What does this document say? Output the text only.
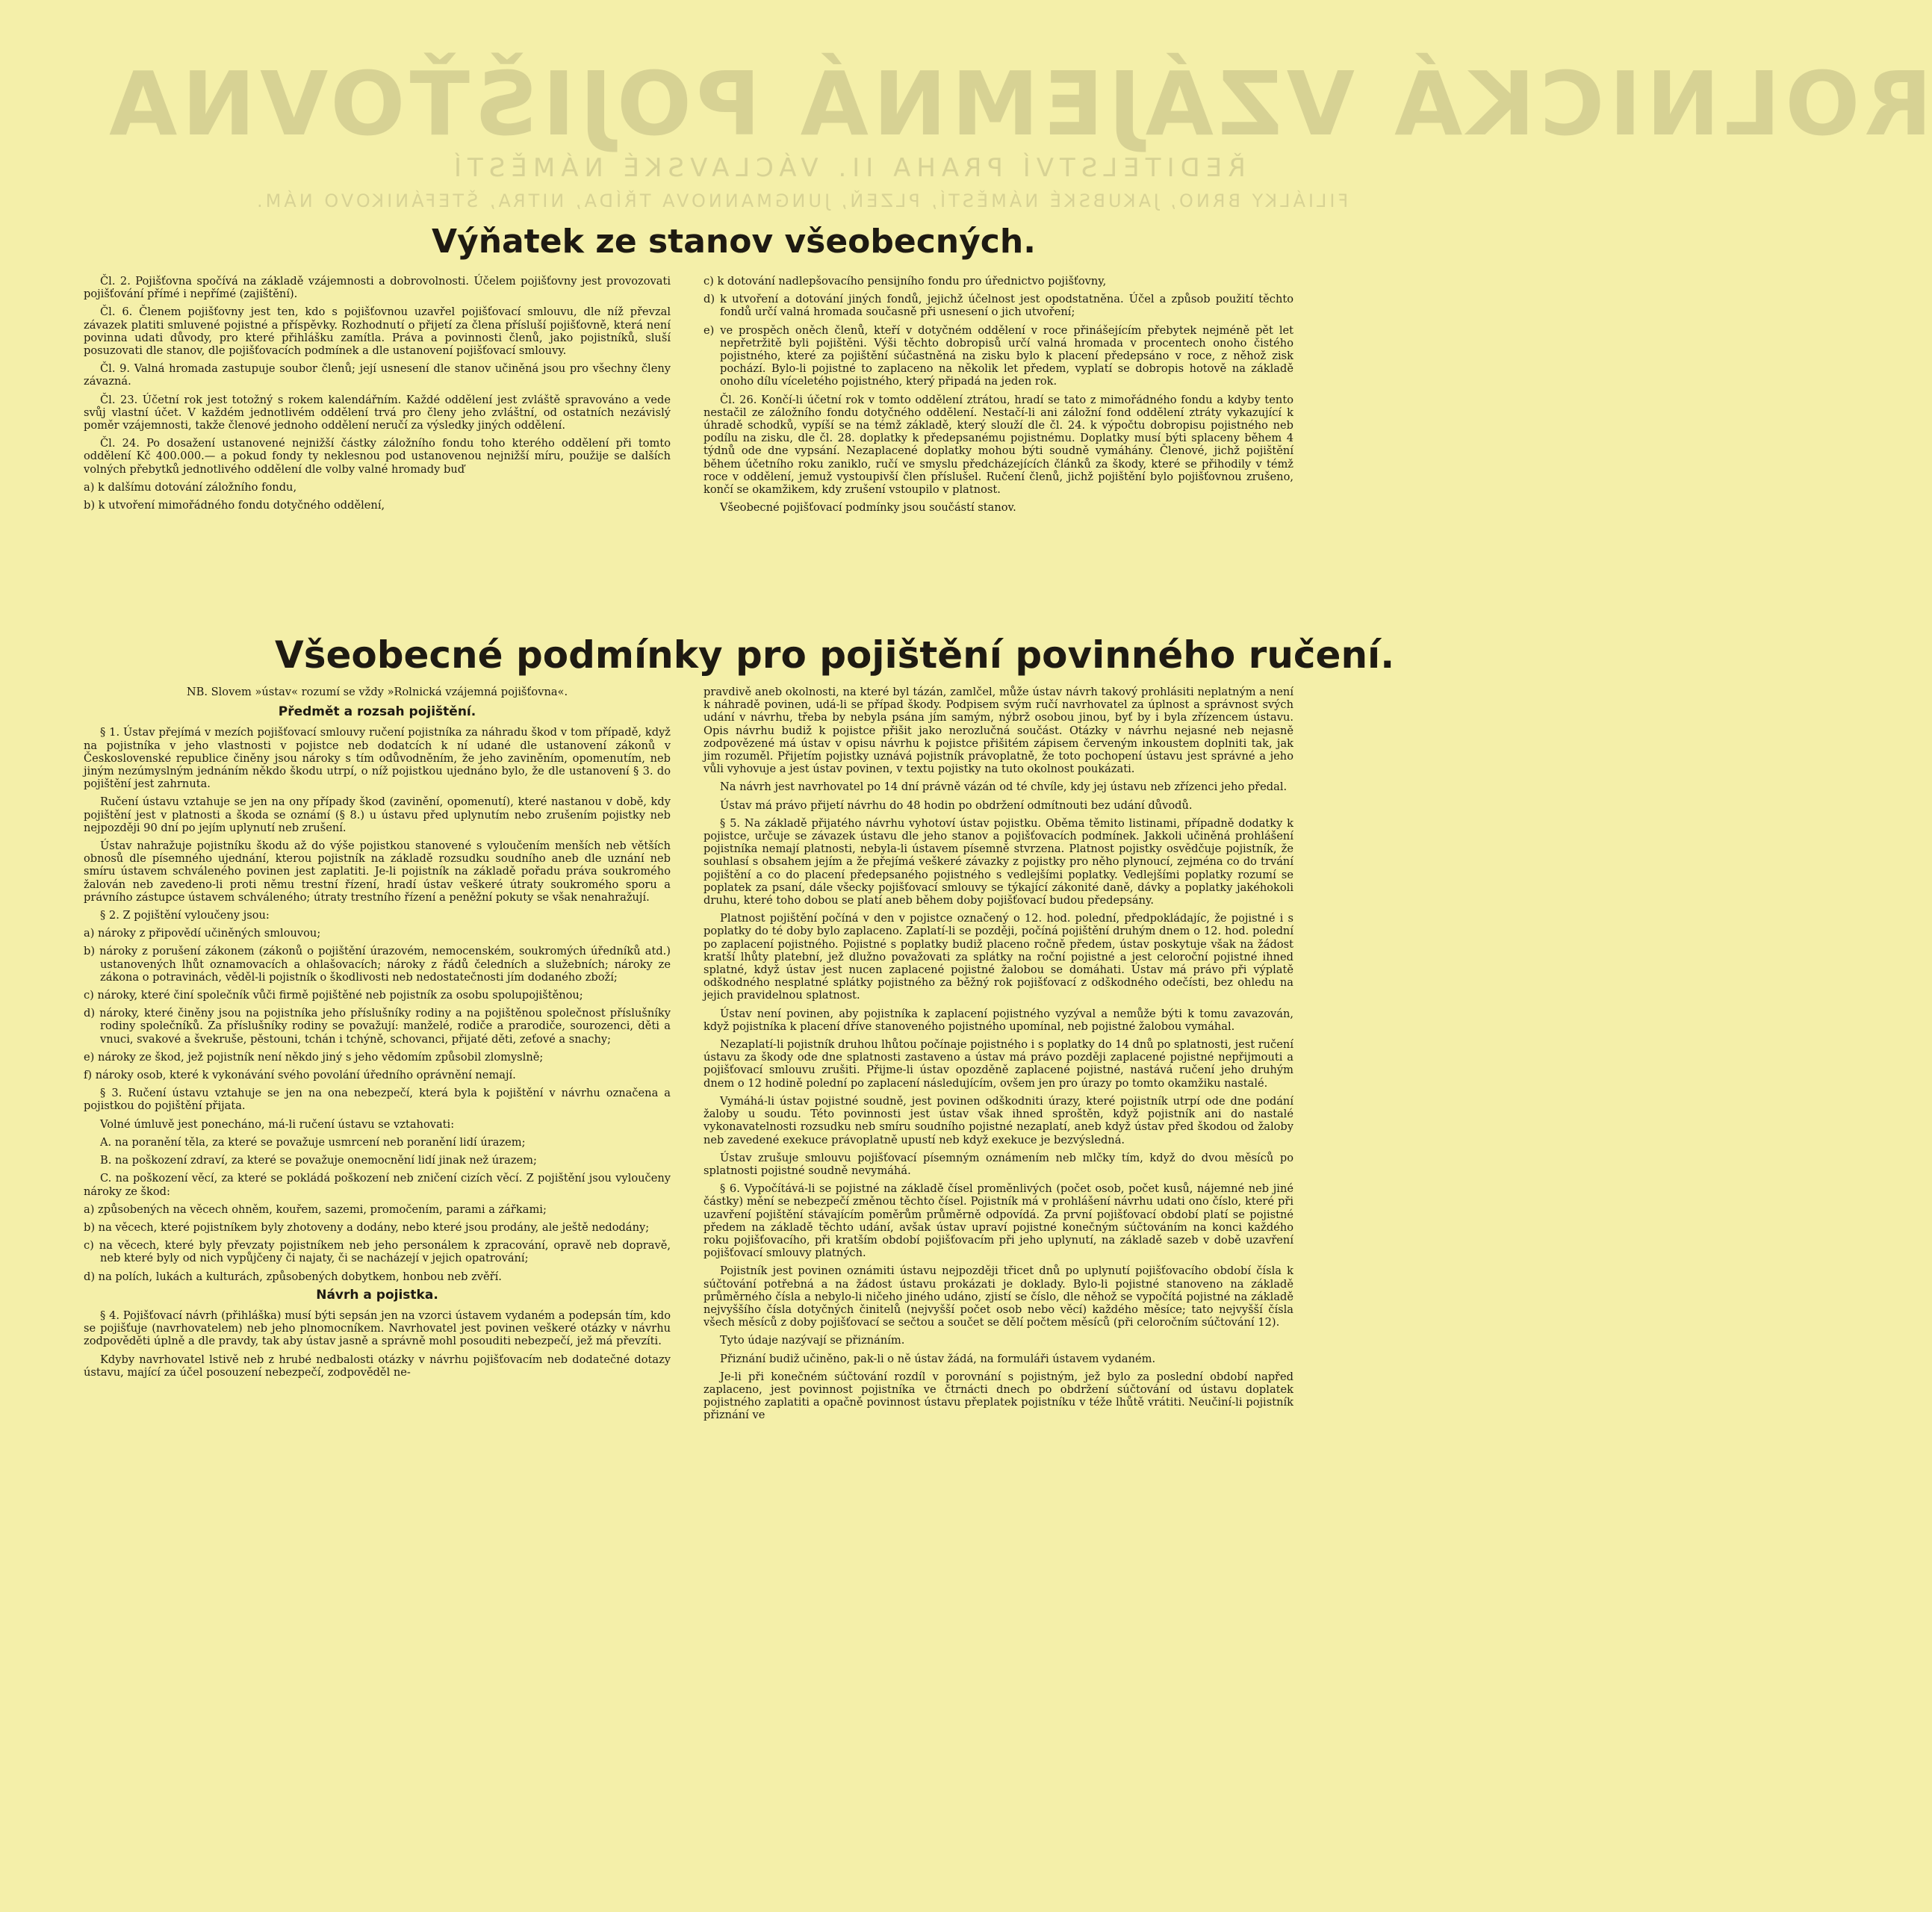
ROLNICKÁ VZÁJEMNÁ POJIŠŤOVNA
ŘEDITELSTVÍ PRAHA II. VÁCLAVSKÉ NÁMĚSTÍ
FILIÁLKY BRNO, JAKUBSKÉ NÁMĚSTÍ, PLZEŇ, JUNGMANNOVA TŘÍDA, NITRA, ŠTEFÁNIKOVO NÁM.
Výňatek ze stanov všeobecných.

Čl. 2. Pojišťovna spočívá na základě vzájemnosti a dobrovolnosti. Účelem pojišťovny jest provozovati pojišťování přímé i nepřímé (zajištění).

Čl. 6. Členem pojišťovny jest ten, kdo s pojišťovnou uzavřel pojišťovací smlouvu, dle níž převzal závazek platiti smluvené pojistné a příspěvky. Rozhodnutí o přijetí za člena přísluší pojišťovně, která není povinna udati důvody, pro které přihlášku zamítla. Práva a povinnosti členů, jako pojistníků, sluší posuzovati dle stanov, dle pojišťovacích podmínek a dle ustanovení pojišťovací smlouvy.

Čl. 9. Valná hromada zastupuje soubor členů; její usnesení dle stanov učiněná jsou pro všechny členy závazná.

Čl. 23. Účetní rok jest totožný s rokem kalendářním. Každé oddělení jest zvláště spravováno a vede svůj vlastní účet. V každém jednotlivém oddělení trvá pro členy jeho zvláštní, od ostatních nezávislý poměr vzájemnosti, takže členové jednoho oddělení neručí za výsledky jiných oddělení.

Čl. 24. Po dosažení ustanovené nejnižší částky záložního fondu toho kterého oddělení při tomto oddělení Kč 400.000.— a pokud fondy ty neklesnou pod ustanovenou nejnižší míru, použije se dalších volných přebytků jednotlivého oddělení dle volby valné hromady buď

a) k dalšímu dotování záložního fondu,

b) k utvoření mimořádného fondu dotyčného oddělení,

c) k dotování nadlepšovacího pensijního fondu pro úřednictvo pojišťovny,

d) k utvoření a dotování jiných fondů, jejichž účelnost jest opodstatněna. Účel a způsob použití těchto fondů určí valná hromada současně při usnesení o jich utvoření;

e) ve prospěch oněch členů, kteří v dotyčném oddělení v roce přinášejícím přebytek nejméně pět let nepřetržitě byli pojištěni. Výši těchto dobropisů určí valná hromada v procentech onoho čistého pojistného, které za pojištění súčastněná na zisku bylo k placení předepsáno v roce, z něhož zisk pochází. Bylo-li pojistné to zaplaceno na několik let předem, vyplatí se dobropis hotově na základě onoho dílu víceletého pojistného, který připadá na jeden rok.

Čl. 26. Končí-li účetní rok v tomto oddělení ztrátou, hradí se tato z mimořádného fondu a kdyby tento nestačil ze záložního fondu dotyčného oddělení. Nestačí-li ani záložní fond oddělení ztráty vykazující k úhradě schodků, vypíší se na témž základě, který slouží dle čl. 24. k výpočtu dobropisu pojistného neb podílu na zisku, dle čl. 28. doplatky k předepsanému pojistnému. Doplatky musí býti splaceny během 4 týdnů ode dne vypsání. Nezaplacené doplatky mohou býti soudně vymáhány. Členové, jichž pojištění během účetního roku zaniklo, ručí ve smyslu předcházejících článků za škody, které se přihodily v témž roce v oddělení, jemuž vystoupivší člen příslušel. Ručení členů, jichž pojištění bylo pojišťovnou zrušeno, končí se okamžikem, kdy zrušení vstoupilo v platnost.

Všeobecné pojišťovací podmínky jsou součástí stanov.

Všeobecné podmínky pro pojištění povinného ručení.

NB. Slovem »ústav« rozumí se vždy »Rolnická vzájemná pojišťovna«.

Předmět a rozsah pojištění.

§ 1. Ústav přejímá v mezích pojišťovací smlouvy ručení pojistníka za náhradu škod v tom případě, když na pojistníka v jeho vlastnosti v pojistce neb dodatcích k ní udané dle ustanovení zákonů v Československé republice činěny jsou nároky s tím odůvodněním, že jeho zaviněním, opomenutím, neb jiným nezúmyslným jednáním někdo škodu utrpí, o níž pojistkou ujednáno bylo, že dle ustanovení § 3. do pojištění jest zahrnuta.

Ručení ústavu vztahuje se jen na ony případy škod (zavinění, opomenutí), které nastanou v době, kdy pojištění jest v platnosti a škoda se oznámí (§ 8.) u ústavu před uplynutím nebo zrušením pojistky neb nejpozději 90 dní po jejím uplynutí neb zrušení.

Ústav nahražuje pojistníku škodu až do výše pojistkou stanovené s vyloučením menších neb větších obnosů dle písemného ujednání, kterou pojistník na základě rozsudku soudního aneb dle uznání neb smíru ústavem schváleného povinen jest zaplatiti. Je-li pojistník na základě pořadu práva soukromého žalován neb zavedeno-li proti němu trestní řízení, hradí ústav veškeré útraty soukromého sporu a právního zástupce ústavem schváleného; útraty trestního řízení a peněžní pokuty se však nenahražují.

§ 2. Z pojištění vyloučeny jsou:

a) nároky z připovědí učiněných smlouvou;

b) nároky z porušení zákonem (zákonů o pojištění úrazovém, nemocenském, soukromých úředníků atd.) ustanovených lhůt oznamovacích a ohlašovacích; nároky z řádů čeledních a služebních; nároky ze zákona o potravinách, věděl-li pojistník o škodlivosti neb nedostatečnosti jím dodaného zboží;

c) nároky, které činí společník vůči firmě pojištěné neb pojistník za osobu spolupojištěnou;

d) nároky, které činěny jsou na pojistníka jeho příslušníky rodiny a na pojištěnou společnost příslušníky rodiny společníků. Za příslušníky rodiny se považují: manželé, rodiče a prarodiče, sourozenci, děti a vnuci, svakové a švekruše, pěstouni, tchán i tchýně, schovanci, přijaté děti, zeťové a snachy;

e) nároky ze škod, jež pojistník není někdo jiný s jeho vědomím způsobil zlomyslně;

f) nároky osob, které k vykonávání svého povolání úředního oprávnění nemají.

§ 3. Ručení ústavu vztahuje se jen na ona nebezpečí, která byla k pojištění v návrhu označena a pojistkou do pojištění přijata.

Volné úmluvě jest ponecháno, má-li ručení ústavu se vztahovati:

A. na poranění těla, za které se považuje usmrcení neb poranění lidí úrazem;

B. na poškození zdraví, za které se považuje onemocnění lidí jinak než úrazem;

C. na poškození věcí, za které se pokládá poškození neb zničení cizích věcí. Z pojištění jsou vyloučeny nároky ze škod:

a) způsobených na věcech ohněm, kouřem, sazemi, promočením, parami a zářkami;

b) na věcech, které pojistníkem byly zhotoveny a dodány, nebo které jsou prodány, ale ještě nedodány;

c) na věcech, které byly převzaty pojistníkem neb jeho personálem k zpracování, opravě neb dopravě, neb které byly od nich vypůjčeny či najaty, či se nacházejí v jejich opatrování;

d) na polích, lukách a kulturách, způsobených dobytkem, honbou neb zvěří.

Návrh a pojistka.

§ 4. Pojišťovací návrh (přihláška) musí býti sepsán jen na vzorci ústavem vydaném a podepsán tím, kdo se pojišťuje (navrhovatelem) neb jeho plnomocníkem. Navrhovatel jest povinen veškeré otázky v návrhu zodpověděti úplně a dle pravdy, tak aby ústav jasně a správně mohl posouditi nebezpečí, jež má převzíti.

Kdyby navrhovatel lstivě neb z hrubé nedbalosti otázky v návrhu pojišťovacím neb dodatečné dotazy ústavu, mající za účel posouzení nebezpečí, zodpověděl ne-

pravdivě aneb okolnosti, na které byl tázán, zamlčel, může ústav návrh takový prohlásiti neplatným a není k náhradě povinen, udá-li se případ škody. Podpisem svým ručí navrhovatel za úplnost a správnost svých udání v návrhu, třeba by nebyla psána jím samým, nýbrž osobou jinou, byť by i byla zřízencem ústavu. Opis návrhu budiž k pojistce přišit jako nerozlučná součást. Otázky v návrhu nejasné neb nejasně zodpovězené má ústav v opisu návrhu k pojistce přišitém zápisem červeným inkoustem doplniti tak, jak jim rozuměl. Přijetím pojistky uznává pojistník právoplatně, že toto pochopení ústavu jest správné a jeho vůli vyhovuje a jest ústav povinen, v textu pojistky na tuto okolnost poukázati.

Na návrh jest navrhovatel po 14 dní právně vázán od té chvíle, kdy jej ústavu neb zřízenci jeho předal.

Ústav má právo přijetí návrhu do 48 hodin po obdržení odmítnouti bez udání důvodů.

§ 5. Na základě přijatého návrhu vyhotoví ústav pojistku. Oběma těmito listinami, případně dodatky k pojistce, určuje se závazek ústavu dle jeho stanov a pojišťovacích podmínek. Jakkoli učiněná prohlášení pojistníka nemají platnosti, nebyla-li ústavem písemně stvrzena. Platnost pojistky osvědčuje pojistník, že souhlasí s obsahem jejím a že přejímá veškeré závazky z pojistky pro něho plynoucí, zejména co do trvání pojištění a co do placení předepsaného pojistného s vedlejšími poplatky. Vedlejšími poplatky rozumí se poplatek za psaní, dále všecky pojišťovací smlouvy se týkající zákonité daně, dávky a poplatky jakéhokoli druhu, které toho dobou se platí aneb během doby pojišťovací budou předepsány.

Platnost pojištění počíná v den v pojistce označený o 12. hod. polední, předpokládajíc, že pojistné i s poplatky do té doby bylo zaplaceno. Zaplatí-li se později, počíná pojištění druhým dnem o 12. hod. polední po zaplacení pojistného. Pojistné s poplatky budiž placeno ročně předem, ústav poskytuje však na žádost kratší lhůty platební, jež dlužno považovati za splátky na roční pojistné a jest celoroční pojistné ihned splatné, když ústav jest nucen zaplacené pojistné žalobou se domáhati. Ústav má právo při výplatě odškodného nesplatné splátky pojistného za běžný rok pojišťovací z odškodného odečísti, bez ohledu na jejich pravidelnou splatnost.

Ústav není povinen, aby pojistníka k zaplacení pojistného vyzýval a nemůže býti k tomu zavazován, když pojistníka k placení dříve stanoveného pojistného upomínal, neb pojistné žalobou vymáhal.

Nezaplatí-li pojistník druhou lhůtou počínaje pojistného i s poplatky do 14 dnů po splatnosti, jest ručení ústavu za škody ode dne splatnosti zastaveno a ústav má právo později zaplacené pojistné nepřijmouti a pojišťovací smlouvu zrušiti. Přijme-li ústav opozděně zaplacené pojistné, nastává ručení jeho druhým dnem o 12 hodině polední po zaplacení následujícím, ovšem jen pro úrazy po tomto okamžiku nastalé.

Vymáhá-li ústav pojistné soudně, jest povinen odškodniti úrazy, které pojistník utrpí ode dne podání žaloby u soudu. Této povinnosti jest ústav však ihned sproštěn, když pojistník ani do nastalé vykonavatelnosti rozsudku neb smíru soudního pojistné nezaplatí, aneb když ústav před škodou od žaloby neb zavedené exekuce právoplatně upustí neb když exekuce je bezvýsledná.

Ústav zrušuje smlouvu pojišťovací písemným oznámením neb mlčky tím, když do dvou měsíců po splatnosti pojistné soudně nevymáhá.

§ 6. Vypočítává-li se pojistné na základě čísel proměnlivých (počet osob, počet kusů, nájemné neb jiné částky) mění se nebezpečí změnou těchto čísel. Pojistník má v prohlášení návrhu udati ono číslo, které při uzavření pojištění stávajícím poměrům průměrně odpovídá. Za první pojišťovací období platí se pojistné předem na základě těchto udání, avšak ústav upraví pojistné konečným súčtováním na konci každého roku pojišťovacího, při kratším období pojišťovacím při jeho uplynutí, na základě sazeb v době uzavření pojišťovací smlouvy platných.

Pojistník jest povinen oznámiti ústavu nejpozději třicet dnů po uplynutí pojišťovacího období čísla k súčtování potřebná a na žádost ústavu prokázati je doklady. Bylo-li pojistné stanoveno na základě průměrného čísla a nebylo-li ničeho jiného udáno, zjistí se číslo, dle něhož se vypočítá pojistné na základě nejvyššího čísla dotyčných činitelů (nejvyšší počet osob nebo věcí) každého měsíce; tato nejvyšší čísla všech měsíců z doby pojišťovací se sečtou a součet se dělí počtem měsíců (při celoročním súčtování 12).

Tyto údaje nazývají se přiznáním.

Přiznání budiž učiněno, pak-li o ně ústav žádá, na formuláři ústavem vydaném.

Je-li při konečném súčtování rozdíl v porovnání s pojistným, jež bylo za poslední období napřed zaplaceno, jest povinnost pojistníka ve čtrnácti dnech po obdržení súčtování od ústavu doplatek pojistného zaplatiti a opačně povinnost ústavu přeplatek pojistníku v téže lhůtě vrátiti. Neučiní-li pojistník přiznání ve
